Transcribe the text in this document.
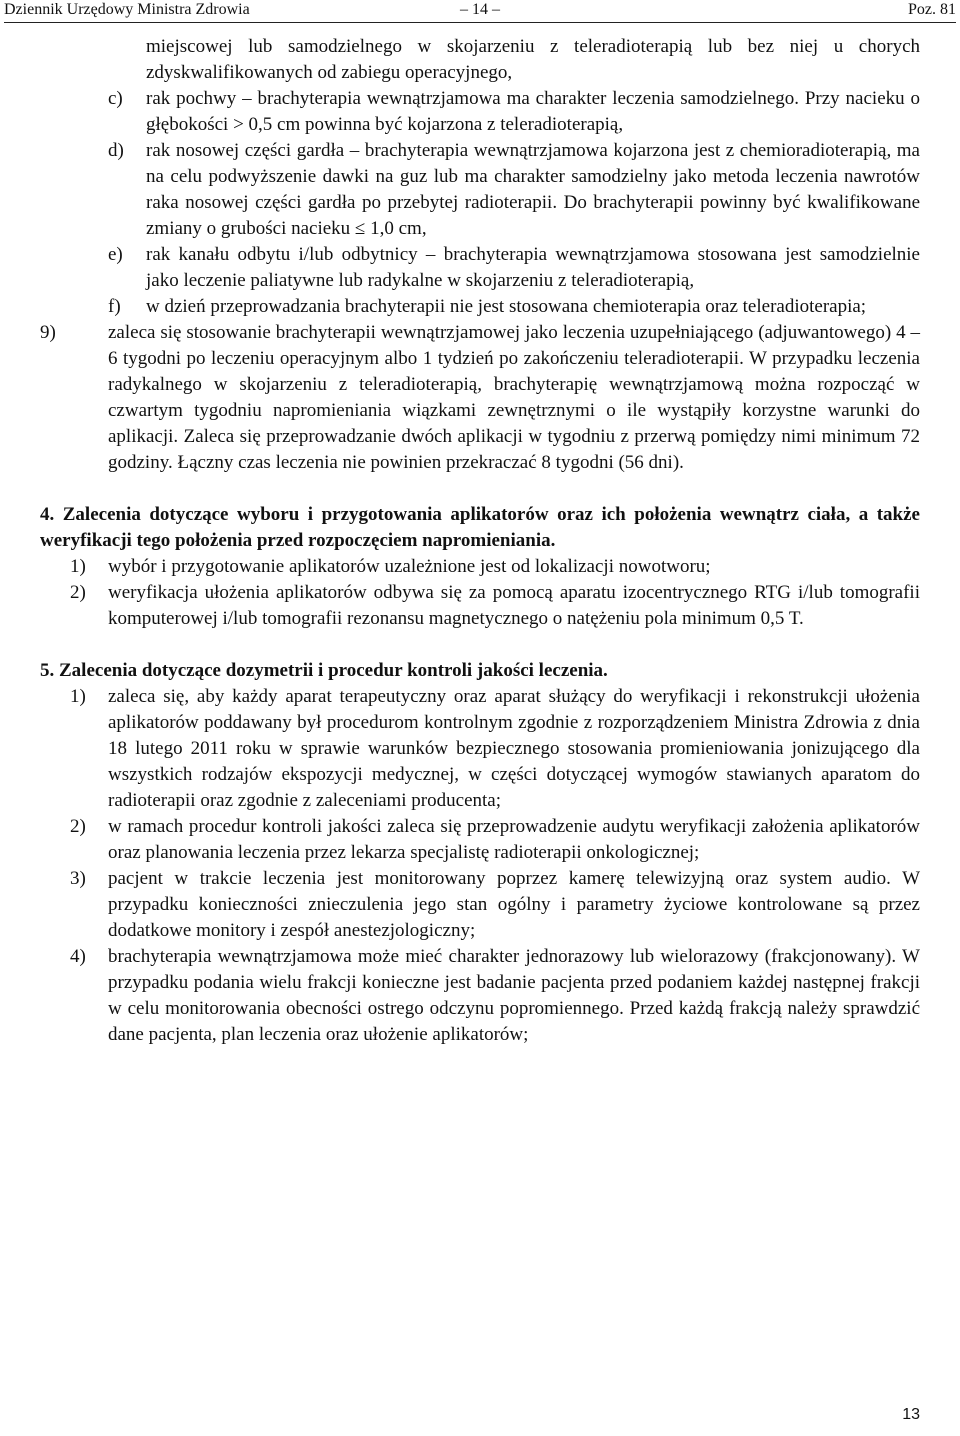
Dziennik Urzędowy Ministra Zdrowia	– 14 –	Poz. 81

miejscowej lub samodzielnego w skojarzeniu z teleradioterapią lub bez niej u chorych zdyskwalifikowanych od zabiegu operacyjnego,

c) rak pochwy – brachyterapia wewnątrzjamowa ma charakter leczenia samodzielnego. Przy nacieku o głębokości > 0,5 cm powinna być kojarzona z teleradioterapią,
d) rak nosowej części gardła – brachyterapia wewnątrzjamowa kojarzona jest z chemioradioterapią, ma na celu podwyższenie dawki na guz lub ma charakter samodzielny jako metoda leczenia nawrotów raka nosowej części gardła po przebytej radioterapii. Do brachyterapii powinny być kwalifikowane zmiany o grubości nacieku ≤ 1,0 cm,
e) rak kanału odbytu i/lub odbytnicy – brachyterapia wewnątrzjamowa stosowana jest samodzielnie jako leczenie paliatywne lub radykalne w skojarzeniu z teleradioterapią,
f) w dzień przeprowadzania brachyterapii nie jest stosowana chemioterapia oraz teleradioterapia;
9)	zaleca się stosowanie brachyterapii wewnątrzjamowej jako leczenia uzupełniającego (adjuwantowego) 4 – 6 tygodni po leczeniu operacyjnym albo 1 tydzień po zakończeniu teleradioterapii. W przypadku leczenia radykalnego w skojarzeniu z teleradioterapią, brachyterapię wewnątrzjamową można rozpocząć w czwartym tygodniu napromieniania wiązkami zewnętrznymi o ile wystąpiły korzystne warunki do aplikacji. Zaleca się przeprowadzanie dwóch aplikacji w tygodniu z przerwą pomiędzy nimi minimum 72 godziny. Łączny czas leczenia nie powinien przekraczać 8 tygodni (56 dni).

4. Zalecenia dotyczące wyboru i przygotowania aplikatorów oraz ich położenia wewnątrz ciała, a także weryfikacji tego położenia przed rozpoczęciem napromieniania.

1) wybór i przygotowanie aplikatorów uzależnione jest od lokalizacji nowotworu;
2) weryfikacja ułożenia aplikatorów odbywa się za pomocą aparatu izocentrycznego RTG i/lub tomografii komputerowej i/lub tomografii rezonansu magnetycznego o natężeniu pola minimum 0,5 T.

5. Zalecenia dotyczące dozymetrii i procedur kontroli jakości leczenia.

1) zaleca się, aby każdy aparat terapeutyczny oraz aparat służący do weryfikacji i rekonstrukcji ułożenia aplikatorów poddawany był procedurom kontrolnym zgodnie z rozporządzeniem Ministra Zdrowia z dnia 18 lutego 2011 roku w sprawie warunków bezpiecznego stosowania promieniowania jonizującego dla wszystkich rodzajów ekspozycji medycznej, w części dotyczącej wymogów stawianych aparatom do radioterapii oraz zgodnie z zaleceniami producenta;
2) w ramach procedur kontroli jakości zaleca się przeprowadzenie audytu weryfikacji założenia aplikatorów oraz planowania leczenia przez lekarza specjalistę radioterapii onkologicznej;
3) pacjent w trakcie leczenia jest monitorowany poprzez kamerę telewizyjną oraz system audio. W przypadku konieczności znieczulenia jego stan ogólny i parametry życiowe kontrolowane są przez dodatkowe monitory i zespół anestezjologiczny;
4) brachyterapia wewnątrzjamowa może mieć charakter jednorazowy lub wielorazowy (frakcjonowany). W przypadku podania wielu frakcji konieczne jest badanie pacjenta przed podaniem każdej następnej frakcji w celu monitorowania obecności ostrego odczynu popromiennego. Przed każdą frakcją należy sprawdzić dane pacjenta, plan leczenia oraz ułożenie aplikatorów;
13
